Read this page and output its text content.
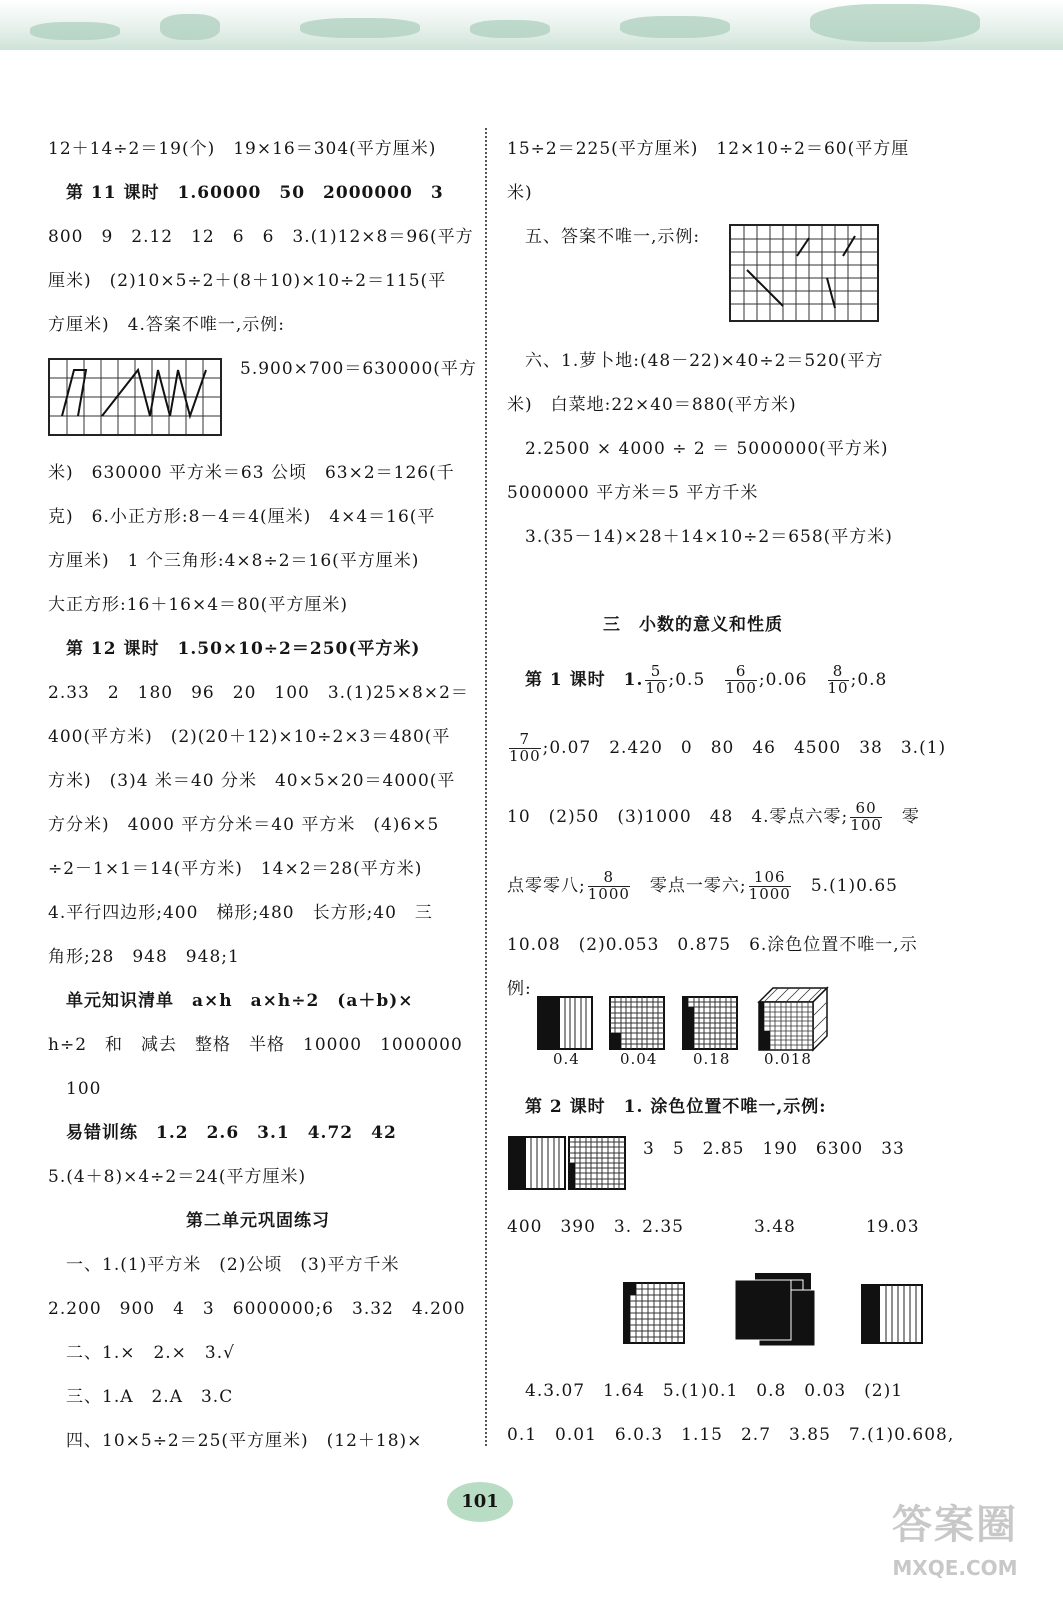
12＋14÷2＝19(个)　19×16＝304(平方厘米)
　第 11 课时　1.60000　50　2000000　3
800　9　2.12　12　6　6　3.(1)12×8＝96(平方
厘米)　(2)10×5÷2＋(8＋10)×10÷2＝115(平
方厘米)　4.答案不唯一,示例:
5.900×700＝630000(平方
米)　630000 平方米＝63 公顷　63×2＝126(千
克)　6.小正方形:8－4＝4(厘米)　4×4＝16(平
方厘米)　1 个三角形:4×8÷2＝16(平方厘米)
大正方形:16＋16×4＝80(平方厘米)
　第 12 课时　1.50×10÷2＝250(平方米)
2.33　2　180　96　20　100　3.(1)25×8×2＝
400(平方米)　(2)(20＋12)×10÷2×3＝480(平
方米)　(3)4 米＝40 分米　40×5×20＝4000(平
方分米)　4000 平方分米＝40 平方米　(4)6×5
÷2－1×1＝14(平方米)　14×2＝28(平方米)
4.平行四边形;400　梯形;480　长方形;40　三
角形;28　948　948;1
　单元知识清单　a×h　a×h÷2　(a＋b)×
h÷2　和　减去　整格　半格　10000　1000000
　100
　易错训练　1.2　2.6　3.1　4.72　42
5.(4＋8)×4÷2＝24(平方厘米)
第二单元巩固练习
　一、1.(1)平方米　(2)公顷　(3)平方千米
2.200　900　4　3　6000000;6　3.32　4.200
　二、1.×　2.×　3.√
　三、1.A　2.A　3.C
　四、10×5÷2＝25(平方厘米)　(12＋18)×
15÷2＝225(平方厘米)　12×10÷2＝60(平方厘
米)
　五、答案不唯一,示例:
　六、1.萝卜地:(48－22)×40÷2＝520(平方
米)　白菜地:22×40＝880(平方米)
　2.2500 × 4000 ÷ 2 ＝ 5000000(平方米)
5000000 平方米＝5 平方千米
　3.(35－14)×28＋14×10÷2＝658(平方米)
三　小数的意义和性质
　第 1 课时　1. $\frac{5}{10}$ ;0.5　 $\frac{6}{100}$ ;0.06　 $\frac{8}{10}$ ;0.8
$\frac{7}{100}$ ;0.07　2.420　0　80　46　4500　38　3.(1)
10　(2)50　(3)1000　48　4.零点六零; $\frac{60}{100}$
　 零
点零零八; $\frac{8}{1000}$
　 零点一零六; $\frac{106}{1000}$
　 5.(1)0.65
10.08　(2)0.053　0.875　6.涂色位置不唯一,示
例:
0.4	0.04 0.18 0.018
　第 2 课时　1. 涂色位置不唯一,示例:
3　5　2.85　190　6300　33
400　390　3. 2.35	3.48	19.03
　4.3.07　1.64　5.(1)0.1　0.8　0.03　(2)1
0.1　0.01　6.0.3　1.15　2.7　3.85　7.(1)0.608,
101
答案圈
MXQE.COM
